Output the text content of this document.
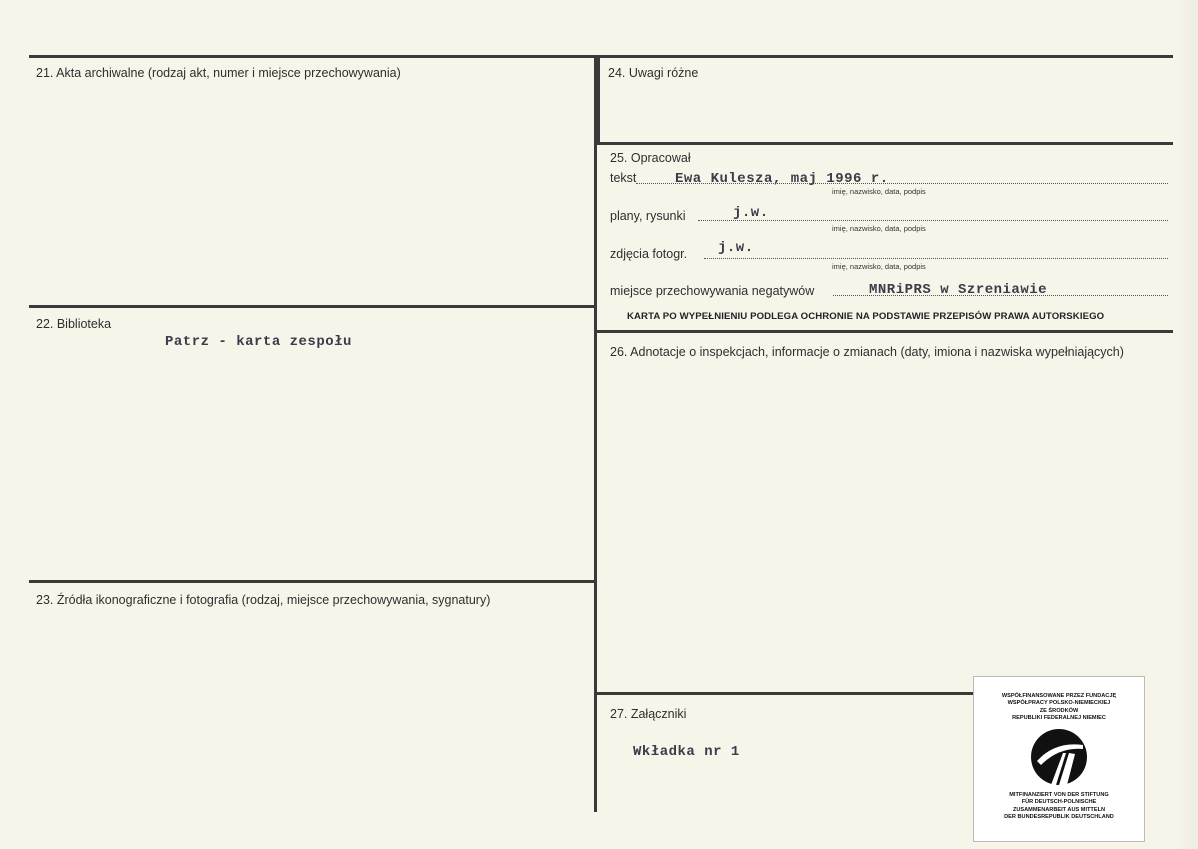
21. Akta archiwalne (rodzaj akt, numer i miejsce przechowywania)
22. Biblioteka
Patrz - karta zespołu
23. Źródła ikonograficzne i fotografia (rodzaj, miejsce przechowywania, sygnatury)
24. Uwagi różne
25. Opracował
tekst	Ewa Kulesza, maj 1996 r.
imię, nazwisko, data, podpis
plany, rysunki	j.w.
imię, nazwisko, data, podpis
zdjęcia fotogr. j.w.
imię, nazwisko, data, podpis
miejsce przechowywania negatywów	MNRiPRS w Szreniawie
KARTA PO WYPEŁNIENIU PODLEGA OCHRONIE NA PODSTAWIE PRZEPISÓW PRAWA AUTORSKIEGO
26. Adnotacje o inspekcjach, informacje o zmianach (daty, imiona i nazwiska wypełniających)
27. Załączniki
Wkładka nr 1
WSPÓŁFINANSOWANE PRZEZ FUNDACJĘ
WSPÓŁPRACY POLSKO-NIEMIECKIEJ
ZE ŚRODKÓW
REPUBLIKI FEDERALNEJ NIEMIEC
MITFINANZIERT VON DER STIFTUNG
FÜR DEUTSCH-POLNISCHE
ZUSAMMENARBEIT AUS MITTELN
DER BUNDESREPUBLIK DEUTSCHLAND
